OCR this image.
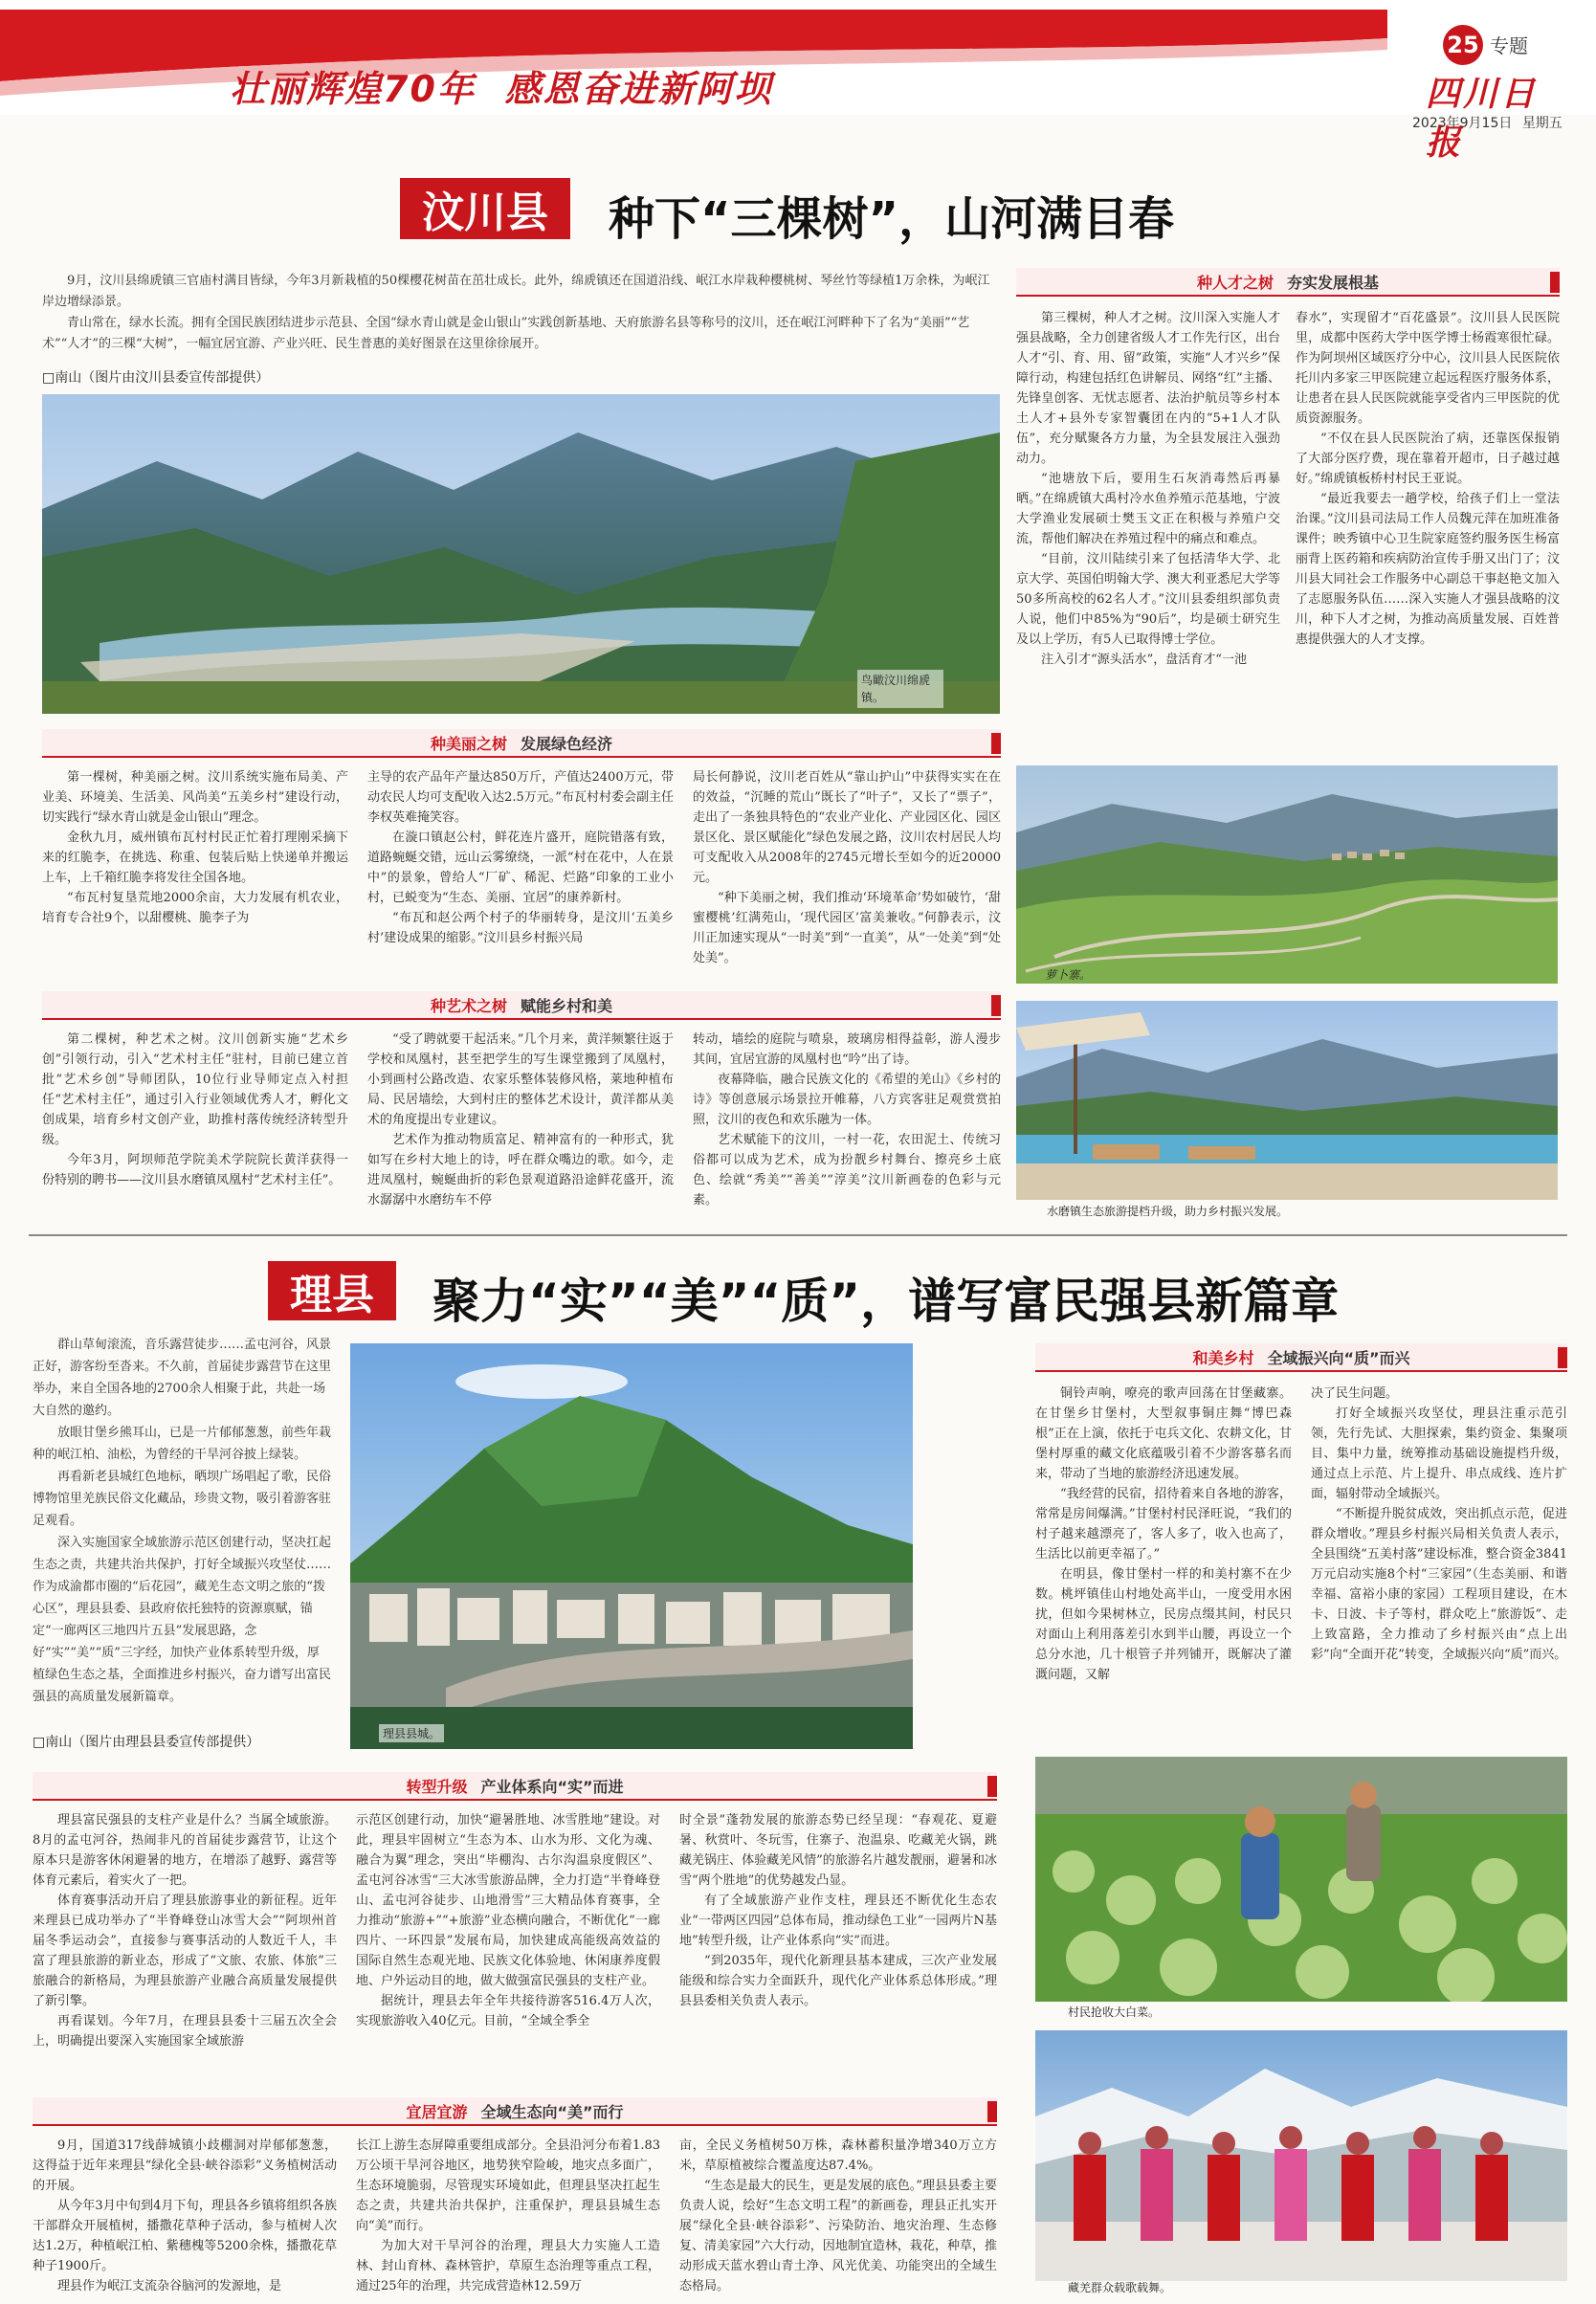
壮丽辉煌70年  感恩奋进新阿坝
25 专题
四川日报
2023年9月15日 星期五
汶川县	种下“三棵树”，山河满目春

9月，汶川县绵虒镇三官庙村满目皆绿，今年3月新栽植的50棵樱花树苗在茁壮成长。此外，绵虒镇还在国道沿线、岷江水岸栽种樱桃树、琴丝竹等绿植1万余株，为岷江岸边增绿添景。

青山常在，绿水长流。拥有全国民族团结进步示范县、全国“绿水青山就是金山银山”实践创新基地、天府旅游名县等称号的汶川，还在岷江河畔种下了名为“美丽”“艺术”“人才”的三棵“大树”，一幅宜居宜游、产业兴旺、民生普惠的美好图景在这里徐徐展开。

□南山（图片由汶川县委宣传部提供）
鸟瞰汶川绵虒镇。
种人才之树 夯实发展根基

第三棵树，种人才之树。汶川深入实施人才强县战略，全力创建省级人才工作先行区，出台人才“引、育、用、留”政策，实施“人才兴乡”保障行动，构建包括红色讲解员、网络“红”主播、先锋皇创客、无忧志愿者、法治护航员等乡村本土人才+县外专家智囊团在内的“5+1人才队伍”，充分赋聚各方力量，为全县发展注入强劲动力。

“池塘放下后，要用生石灰消毒然后再暴晒。”在绵虒镇大禹村冷水鱼养殖示范基地，宁波大学渔业发展硕士樊玉文正在积极与养殖户交流，帮他们解决在养殖过程中的痛点和难点。

“目前，汶川陆续引来了包括清华大学、北京大学、英国伯明翰大学、澳大利亚悉尼大学等50多所高校的62名人才。”汶川县委组织部负责人说，他们中85%为“90后”，均是硕士研究生及以上学历，有5人已取得博士学位。

注入引才“源头活水”，盘活育才“一池

春水”，实现留才“百花盛景”。汶川县人民医院里，成都中医药大学中医学博士杨霞寒很忙碌。作为阿坝州区域医疗分中心，汶川县人民医院依托川内多家三甲医院建立起远程医疗服务体系，让患者在县人民医院就能享受省内三甲医院的优质资源服务。

“不仅在县人民医院治了病，还靠医保报销了大部分医疗费，现在靠着开超市，日子越过越好。”绵虒镇板桥村村民王亚说。

“最近我要去一趟学校，给孩子们上一堂法治课。”汶川县司法局工作人员魏元萍在加班准备课件；映秀镇中心卫生院家庭签约服务医生杨富丽背上医药箱和疾病防治宣传手册又出门了；汶川县大同社会工作服务中心副总干事赵艳文加入了志愿服务队伍……深入实施人才强县战略的汶川，种下人才之树，为推动高质量发展、百姓普惠提供强大的人才支撑。

萝卜寨。
水磨镇生态旅游提档升级，助力乡村振兴发展。
种美丽之树 发展绿色经济

第一棵树，种美丽之树。汶川系统实施布局美、产业美、环境美、生活美、风尚美“五美乡村”建设行动，切实践行“绿水青山就是金山银山”理念。

金秋九月，威州镇布瓦村村民正忙着打理刚采摘下来的红脆李，在挑选、称重、包装后贴上快递单并搬运上车，上千箱红脆李将发往全国各地。

“布瓦村复垦荒地2000余亩，大力发展有机农业，培育专合社9个，以甜樱桃、脆李子为

主导的农产品年产量达850万斤，产值达2400万元，带动农民人均可支配收入达2.5万元。”布瓦村村委会副主任李权英难掩笑容。

在漩口镇赵公村，鲜花连片盛开，庭院错落有致，道路蜿蜒交错，远山云雾缭绕，一派“村在花中，人在景中”的景象，曾给人“厂矿、稀泥、烂路”印象的工业小村，已蜕变为“生态、美丽、宜居”的康养新村。

“布瓦和赵公两个村子的华丽转身，是汶川‘五美乡村’建设成果的缩影。”汶川县乡村振兴局

局长何静说，汶川老百姓从“靠山护山”中获得实实在在的效益，“沉睡的荒山”既长了“叶子”，又长了“票子”，走出了一条独具特色的“农业产业化、产业园区化、园区景区化、景区赋能化”绿色发展之路，汶川农村居民人均可支配收入从2008年的2745元增长至如今的近20000元。

“种下美丽之树，我们推动‘环境革命’势如破竹，‘甜蜜樱桃’红满苑山，‘现代园区’富美兼收。”何静表示，汶川正加速实现从“一时美”到“一直美”，从“一处美”到“处处美”。

种艺术之树 赋能乡村和美

第二棵树，种艺术之树。汶川创新实施“艺术乡创”引领行动，引入“艺术村主任”驻村，目前已建立首批“艺术乡创”导师团队，10位行业导师定点入村担任“艺术村主任”，通过引入行业领域优秀人才，孵化文创成果，培育乡村文创产业，助推村落传统经济转型升级。

今年3月，阿坝师范学院美术学院院长黄洋获得一份特别的聘书——汶川县水磨镇凤凰村“艺术村主任”。

“受了聘就要干起活来。”几个月来，黄洋频繁往返于学校和凤凰村，甚至把学生的写生课堂搬到了凤凰村，小到画村公路改造、农家乐整体装修风格，莱地种植布局、民居墙绘，大到村庄的整体艺术设计，黄洋都从美术的角度提出专业建议。

艺术作为推动物质富足、精神富有的一种形式，犹如写在乡村大地上的诗，呼在群众嘴边的歌。如今，走进凤凰村，蜿蜒曲折的彩色景观道路沿途鲜花盛开，流水潺潺中水磨纺车不停

转动，墙绘的庭院与喷泉，玻璃房相得益彰，游人漫步其间，宜居宜游的凤凰村也“吟”出了诗。

夜幕降临，融合民族文化的《希望的羌山》《乡村的诗》等创意展示场景拉开帷幕，八方宾客驻足观赏赏拍照，汶川的夜色和欢乐融为一体。

艺术赋能下的汶川，一村一花，农田泥土、传统习俗都可以成为艺术，成为扮靓乡村舞台、擦亮乡土底色、绘就“秀美”“善美”“淳美”汶川新画卷的色彩与元素。

理县	聚力“实”“美”“质”，谱写富民强县新篇章

群山草甸滚流，音乐露营徒步……孟屯河谷，风景正好，游客纷至沓来。不久前，首届徒步露营节在这里举办，来自全国各地的2700余人相聚于此，共赴一场大自然的邀约。

放眼甘堡乡熊耳山，已是一片郁郁葱葱，前些年栽种的岷江柏、油松，为曾经的干旱河谷披上绿装。

再看新老县城红色地标，晒坝广场唱起了歌，民俗博物馆里羌族民俗文化藏品，珍贵文物，吸引着游客驻足观看。

深入实施国家全域旅游示范区创建行动，坚决扛起生态之责，共建共治共保护，打好全域振兴攻坚仗……作为成渝都市圈的“后花园”，藏羌生态文明之旅的“拨心区”，理县县委、县政府依托独特的资源禀赋，锚定“一廊两区三地四片五县”发展思路，念好“实”“美”“质”三字经，加快产业体系转型升级，厚植绿色生态之基，全面推进乡村振兴，奋力谱写出富民强县的高质量发展新篇章。

□南山（图片由理县县委宣传部提供）
理县县城。
和美乡村 全域振兴向“质”而兴

铜铃声响，嘹亮的歌声回荡在甘堡藏寨。在甘堡乡甘堡村，大型叙事铜庄舞“博巴森根”正在上演，依托于屯兵文化、农耕文化，甘堡村厚重的藏文化底蕴吸引着不少游客慕名而来，带动了当地的旅游经济迅速发展。

“我经营的民宿，招待着来自各地的游客，常常是房间爆满。”甘堡村村民泽旺说，“我们的村子越来越漂亮了，客人多了，收入也高了，生活比以前更幸福了。”

在明县，像甘堡村一样的和美村寨不在少数。桃坪镇佳山村地处高半山，一度受用水困扰，但如今果树林立，民房点缀其间，村民只对面山上利用落差引水到半山腰，再设立一个总分水池，几十根管子并列铺开，既解决了灌溉问题，又解

决了民生问题。

打好全域振兴攻坚仗，理县注重示范引领，先行先试、大胆探索，集约资金、集聚项目、集中力量，统筹推动基础设施提档升级，通过点上示范、片上提升、串点成线、连片扩面，辐射带动全域振兴。

“不断提升脱贫成效，突出抓点示范，促进群众增收。”理县乡村振兴局相关负责人表示，全县围绕“五美村落”建设标准，整合资金3841万元启动实施8个村“三家园”（生态美丽、和谐幸福、富裕小康的家园）工程项目建设，在木卡、日波、卡子等村，群众吃上“旅游饭”、走上致富路，全力推动了乡村振兴由“点上出彩”向“全面开花”转变，全域振兴向“质”而兴。

村民抢收大白菜。
藏羌群众载歌载舞。
转型升级 产业体系向“实”而进

理县富民强县的支柱产业是什么？当属全域旅游。8月的孟屯河谷，热闹非凡的首届徒步露营节，让这个原本只是游客休闲避暑的地方，在增添了越野、露营等体育元素后，着实火了一把。

体育赛事活动开启了理县旅游事业的新征程。近年来理县已成功举办了“半脊峰登山冰雪大会”“阿坝州首届冬季运动会”，直接参与赛事活动的人数近千人，丰富了理县旅游的新业态，形成了“文旅、农旅、体旅”三旅融合的新格局，为理县旅游产业融合高质量发展提供了新引擎。

再看谋划。今年7月，在理县县委十三届五次全会上，明确提出要深入实施国家全域旅游

示范区创建行动，加快“避暑胜地、冰雪胜地”建设。对此，理县牢固树立“生态为本、山水为形、文化为魂、融合为翼”理念，突出“毕棚沟、古尔沟温泉度假区”、孟屯河谷冰雪“三大冰雪旅游品牌，全力打造“半脊峰登山、孟屯河谷徒步、山地滑雪”三大精品体育赛事，全力推动“旅游+”“+旅游”业态横向融合，不断优化“一廊四片、一环四景”发展布局，加快建成高能级高效益的国际自然生态观光地、民族文化体验地、休闲康养度假地、户外运动目的地，做大做强富民强县的支柱产业。

据统计，理县去年全年共接待游客516.4万人次，实现旅游收入40亿元。目前，“全域全季全

时全景”蓬勃发展的旅游态势已经呈现：“春观花、夏避暑、秋赏叶、冬玩雪，住寨子、泡温泉、吃藏羌火锅，跳藏羌锅庄、体验藏羌风情”的旅游名片越发靓丽，避暑和冰雪“两个胜地”的优势越发凸显。

有了全域旅游产业作支柱，理县还不断优化生态农业“一带两区四园”总体布局，推动绿色工业“一园两片N基地”转型升级，让产业体系向“实”而进。

“到2035年，现代化新理县基本建成，三次产业发展能级和综合实力全面跃升，现代化产业体系总体形成。”理县县委相关负责人表示。

宜居宜游 全域生态向“美”而行

9月，国道317线薛城镇小歧棚洞对岸郁郁葱葱，这得益于近年来理县“绿化全县·峡谷添彩”义务植树活动的开展。

从今年3月中旬到4月下旬，理县各乡镇将组织各族干部群众开展植树，播撒花草种子活动，参与植树人次达1.2万，种植岷江柏、紫穗槐等5200余株，播撒花草种子1900斤。

理县作为岷江支流杂谷脑河的发源地，是

长江上游生态屏障重要组成部分。全县沿河分布着1.83万公顷干旱河谷地区，地势狭窄险峻，地灾点多面广，生态环境脆弱，尽管现实环境如此，但理县坚决扛起生态之责，共建共治共保护，注重保护，理县县城生态向“美”而行。

为加大对干旱河谷的治理，理县大力实施人工造林、封山育林、森林管护，草原生态治理等重点工程，通过25年的治理，共完成营造林12.59万

亩，全民义务植树50万株，森林蓄积量净增340万立方米，草原植被综合覆盖度达87.4%。

“生态是最大的民生，更是发展的底色。”理县县委主要负责人说，绘好“生态文明工程”的新画卷，理县正扎实开展“绿化全县·峡谷添彩”、污染防治、地灾治理、生态修复、清美家园”六大行动，因地制宜造林，栽花，种草，推动形成天蓝水碧山青土净、风光优美、功能突出的全域生态格局。
